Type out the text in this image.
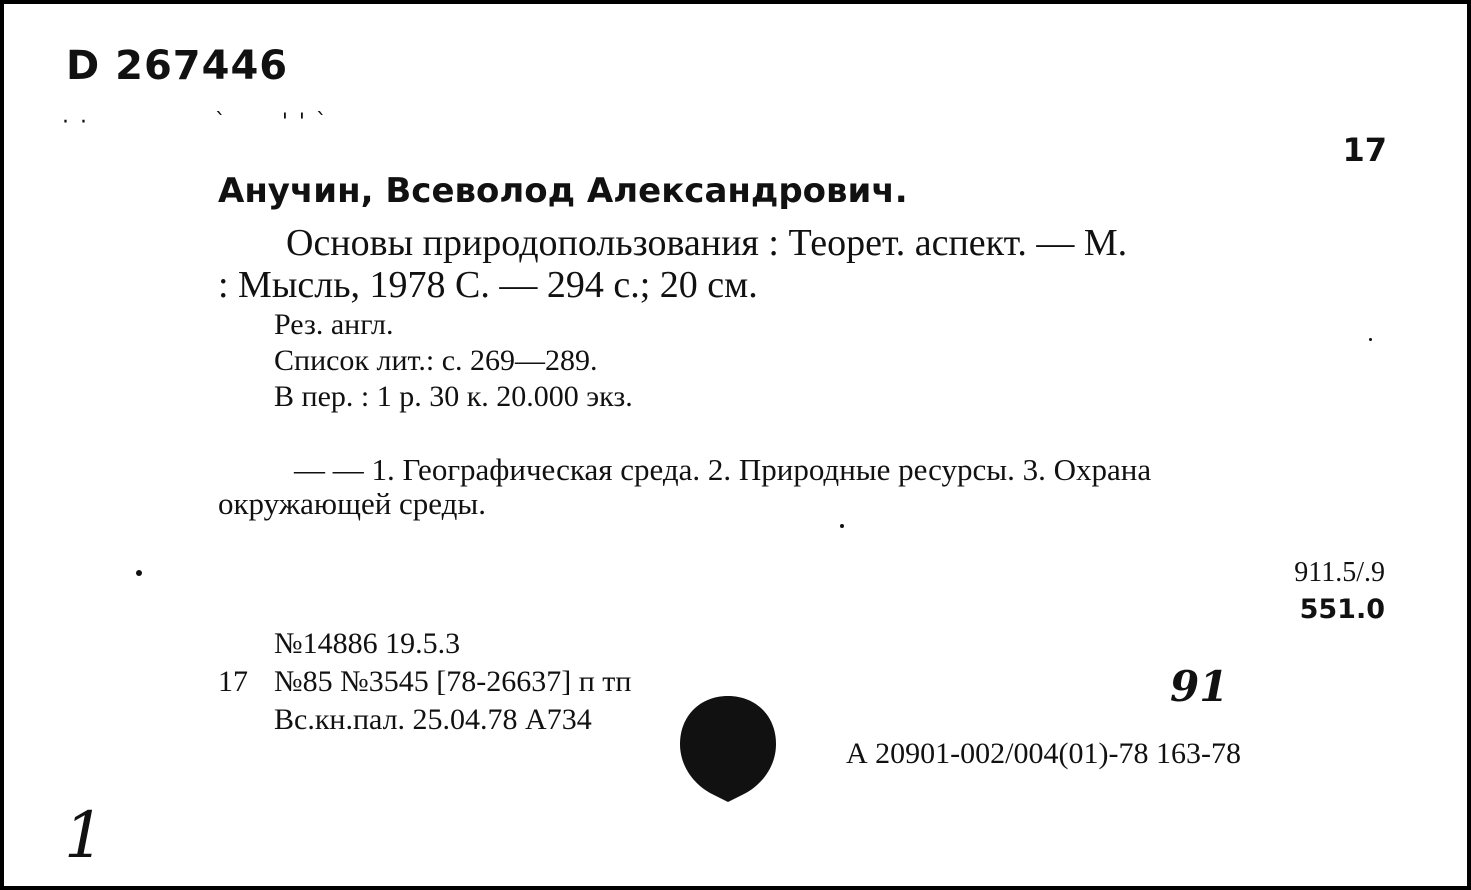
D 267446
· ·              `      ' ' `
17
Анучин, Всеволод Александрович.
Основы природопользования : Теорет. аспект. — М.
: Мысль, 1978 С. — 294 с.; 20 см.
Рез. англ.
Список лит.: с. 269—289.
В пер. : 1 р. 30 к. 20.000 экз.
— — 1. Географическая среда. 2. Природные ресурсы. 3. Охрана
окружающей среды.
911.5/.9
551.0
№14886 19.5.3
17 №85 №3545 [78-26637] п тп
Вс.кн.пал. 25.04.78 А734
91
А 20901-002/004(01)-78 163-78
1
